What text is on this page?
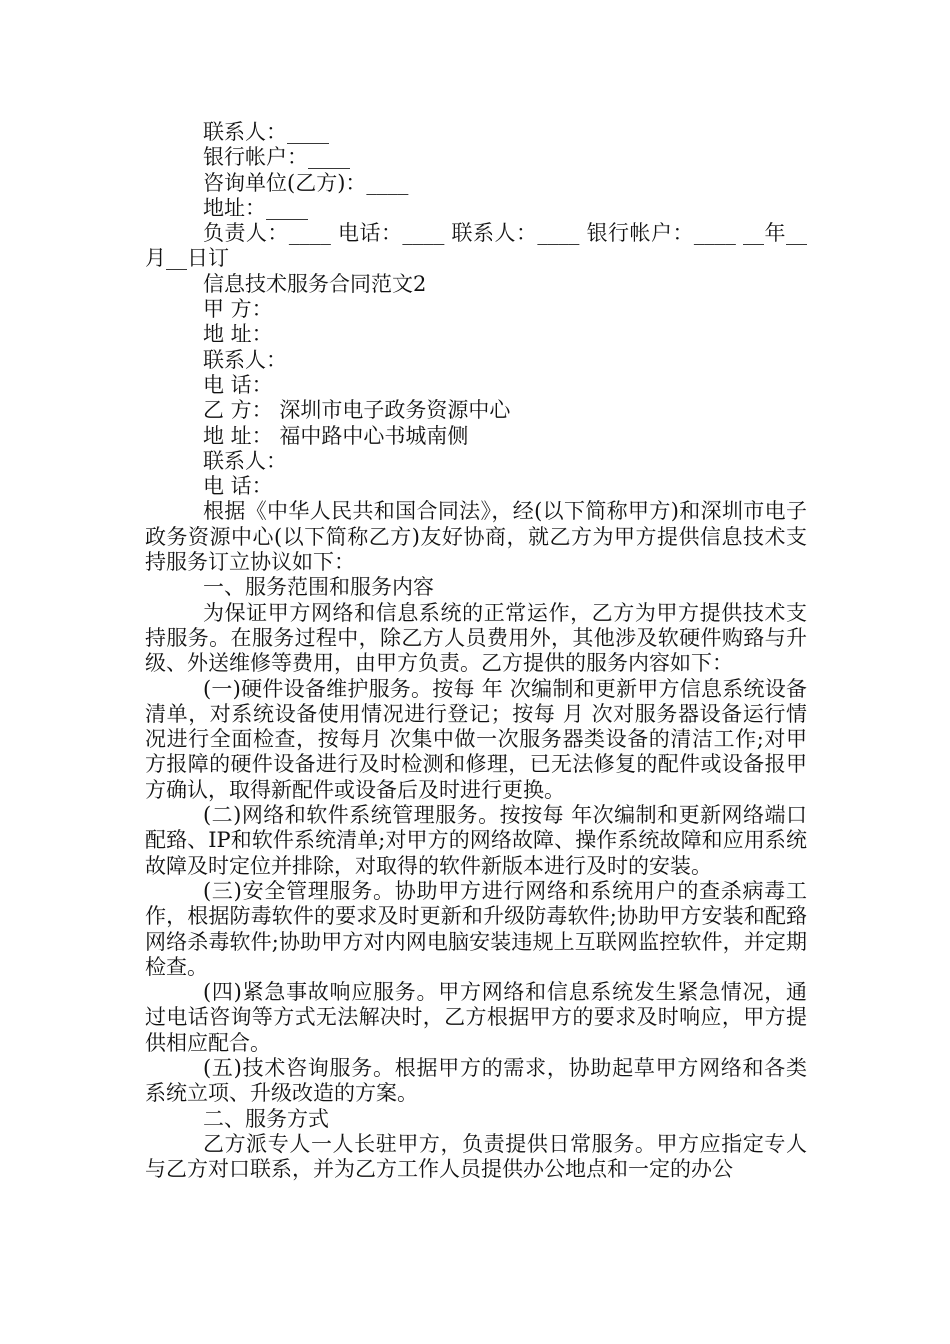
联系人：____
银行帐户：____
咨询单位(乙方)：____
地址：____

负责人：____ 电话：____ 联系人：____ 银行帐户：____ __年__月__日订

信息技术服务合同范文2
甲 方：
地 址：
联系人：
电 话：
乙 方： 深圳市电子政务资源中心
地 址： 福中路中心书城南侧
联系人：
电 话：

根据《中华人民共和国合同法》，经(以下简称甲方)和深圳市电子政务资源中心(以下简称乙方)友好协商，就乙方为甲方提供信息技术支持服务订立协议如下：

一、服务范围和服务内容

为保证甲方网络和信息系统的正常运作，乙方为甲方提供技术支持服务。在服务过程中，除乙方人员费用外，其他涉及软硬件购臵与升级、外送维修等费用，由甲方负责。乙方提供的服务内容如下：

(一)硬件设备维护服务。按每 年 次编制和更新甲方信息系统设备清单，对系统设备使用情况进行登记；按每 月 次对服务器设备运行情况进行全面检查，按每月 次集中做一次服务器类设备的清洁工作;对甲方报障的硬件设备进行及时检测和修理，已无法修复的配件或设备报甲方确认，取得新配件或设备后及时进行更换。

(二)网络和软件系统管理服务。按按每 年次编制和更新网络端口配臵、IP和软件系统清单;对甲方的网络故障、操作系统故障和应用系统故障及时定位并排除，对取得的软件新版本进行及时的安装。

(三)安全管理服务。协助甲方进行网络和系统用户的查杀病毒工作，根据防毒软件的要求及时更新和升级防毒软件;协助甲方安装和配臵网络杀毒软件;协助甲方对内网电脑安装违规上互联网监控软件，并定期检查。

(四)紧急事故响应服务。甲方网络和信息系统发生紧急情况，通过电话咨询等方式无法解决时，乙方根据甲方的要求及时响应，甲方提供相应配合。

(五)技术咨询服务。根据甲方的需求，协助起草甲方网络和各类系统立项、升级改造的方案。

二、服务方式

乙方派专人一人长驻甲方，负责提供日常服务。甲方应指定专人与乙方对口联系，并为乙方工作人员提供办公地点和一定的办公
